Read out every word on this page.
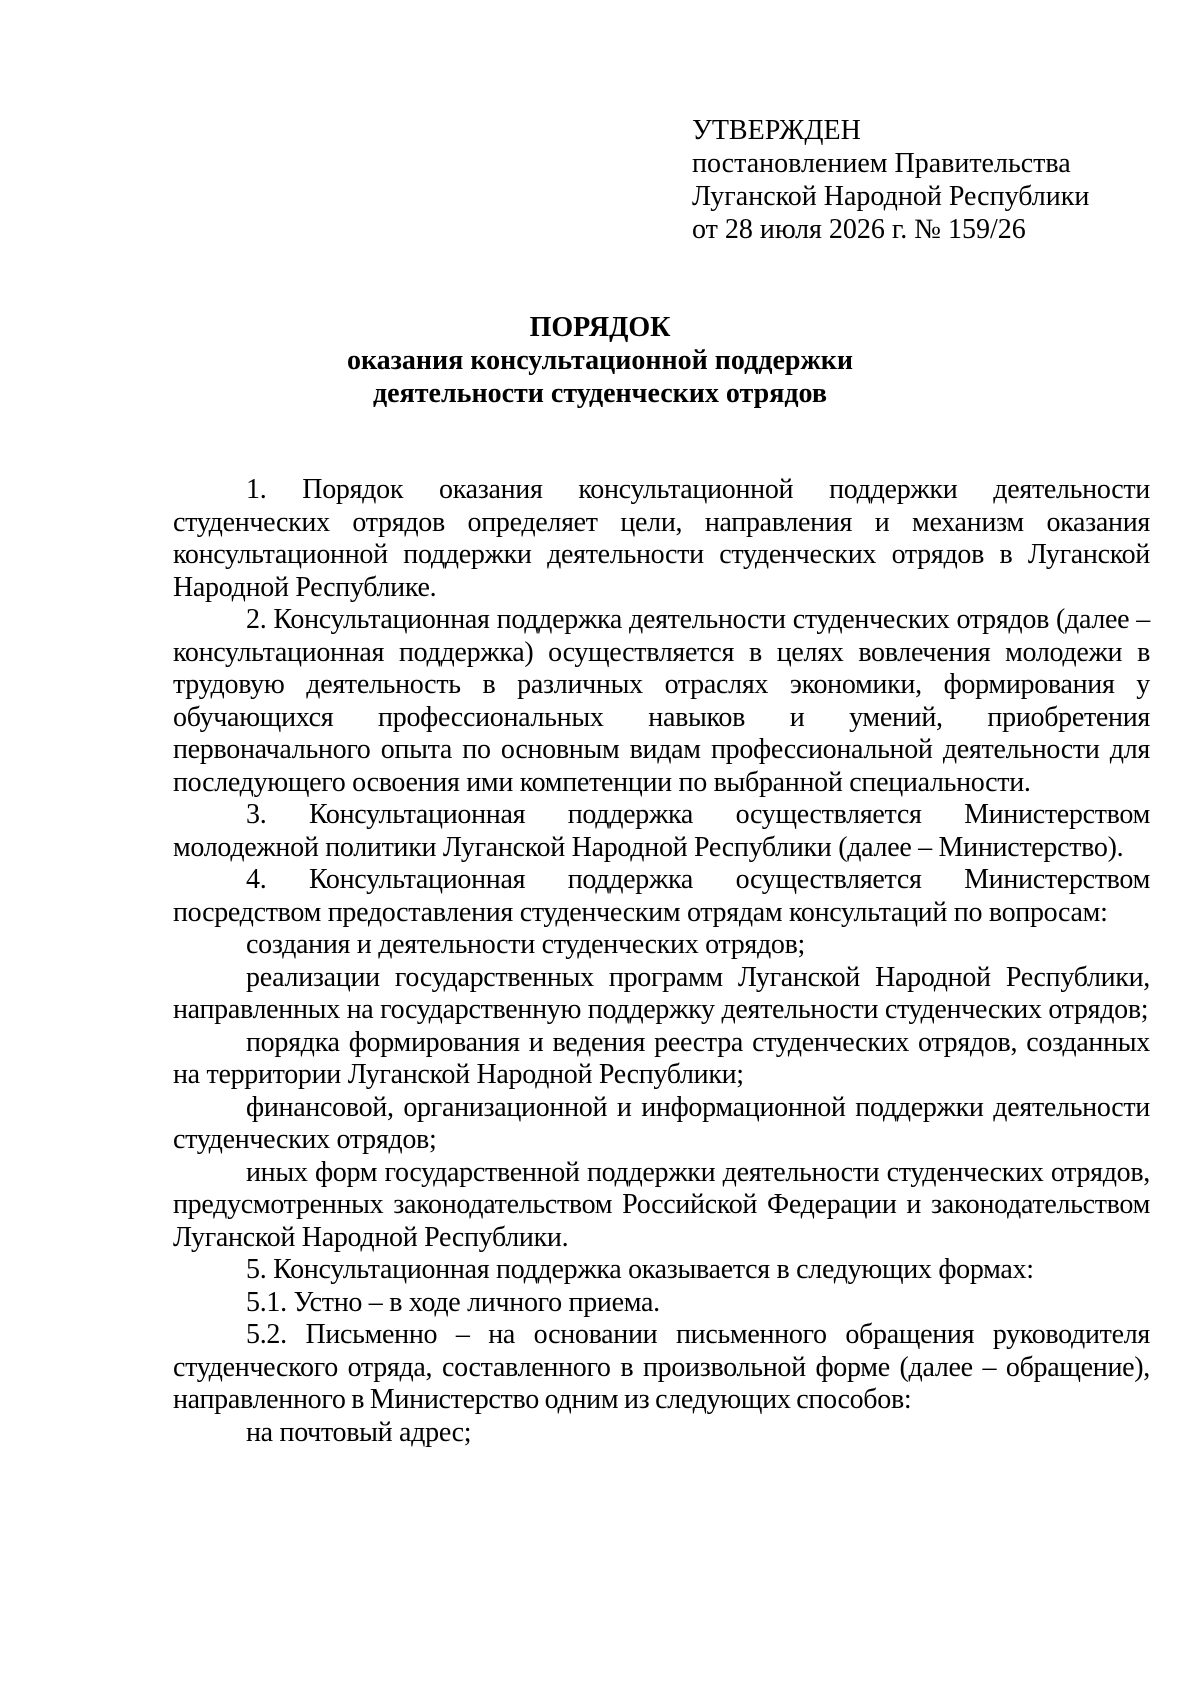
УТВЕРЖДЕН
постановлением Правительства
Луганской Народной Республики
от 28 июля 2026 г. № 159/26
ПОРЯДОК
оказания консультационной поддержки
деятельности студенческих отрядов

1. Порядок оказания консультационной поддержки деятельности студенческих отрядов определяет цели, направления и механизм оказания консультационной поддержки деятельности студенческих отрядов в Луганской Народной Республике.

2. Консультационная поддержка деятельности студенческих отрядов (далее – консультационная поддержка) осуществляется в целях вовлечения молодежи в трудовую деятельность в различных отраслях экономики, формирования у обучающихся профессиональных навыков и умений, приобретения первоначального опыта по основным видам профессиональной деятельности для последующего освоения ими компетенции по выбранной специальности.

3. Консультационная поддержка осуществляется Министерством молодежной политики Луганской Народной Республики (далее – Министерство).

4. Консультационная поддержка осуществляется Министерством посредством предоставления студенческим отрядам консультаций по вопросам:

создания и деятельности студенческих отрядов;

реализации государственных программ Луганской Народной Республики, направленных на государственную поддержку деятельности студенческих отрядов;

порядка формирования и ведения реестра студенческих отрядов, созданных на территории Луганской Народной Республики;

финансовой, организационной и информационной поддержки деятельности студенческих отрядов;

иных форм государственной поддержки деятельности студенческих отрядов, предусмотренных законодательством Российской Федерации и законодательством Луганской Народной Республики.

5. Консультационная поддержка оказывается в следующих формах:

5.1. Устно – в ходе личного приема.

5.2. Письменно – на основании письменного обращения руководителя студенческого отряда, составленного в произвольной форме (далее – обращение), направленного в Министерство одним из следующих способов:

на почтовый адрес;
